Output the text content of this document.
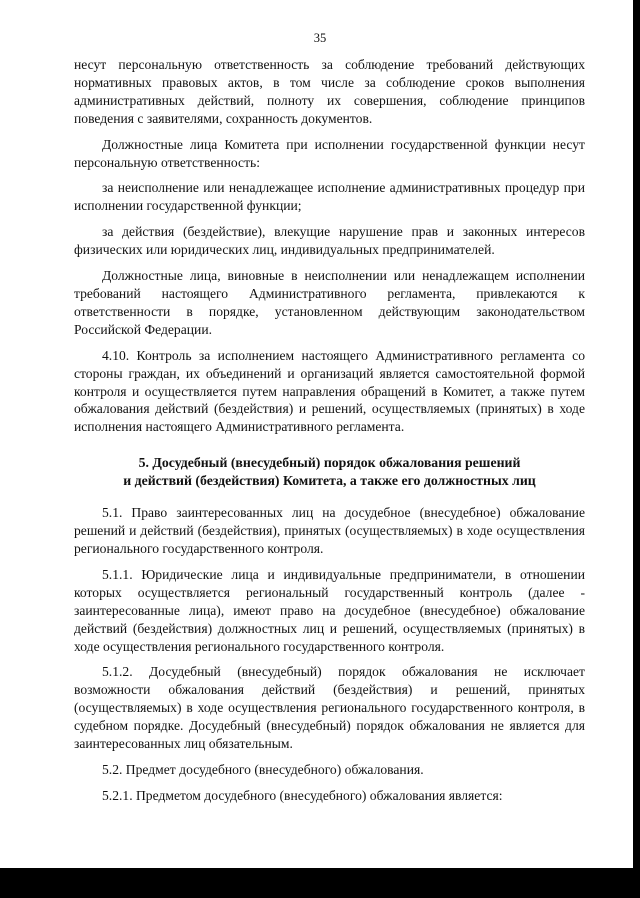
35

несут персональную ответственность за соблюдение требований действующих нормативных правовых актов, в том числе за соблюдение сроков выполнения административных действий, полноту их совершения, соблюдение принципов поведения с заявителями, сохранность документов.

Должностные лица Комитета при исполнении государственной функции несут персональную ответственность:

за неисполнение или ненадлежащее исполнение административных процедур при исполнении государственной функции;

за действия (бездействие), влекущие нарушение прав и законных интересов физических или юридических лиц, индивидуальных предпринимателей.

Должностные лица, виновные в неисполнении или ненадлежащем исполнении требований настоящего Административного регламента, привлекаются к ответственности в порядке, установленном действующим законодательством Российской Федерации.

4.10. Контроль за исполнением настоящего Административного регламента со стороны граждан, их объединений и организаций является самостоятельной формой контроля и осуществляется путем направления обращений в Комитет, а также путем обжалования действий (бездействия) и решений, осуществляемых (принятых) в ходе исполнения настоящего Административного регламента.

5. Досудебный (внесудебный) порядок обжалования решений
и действий (бездействия) Комитета, а также его должностных лиц

5.1. Право заинтересованных лиц на досудебное (внесудебное) обжалование решений и действий (бездействия), принятых (осуществляемых) в ходе осуществления регионального государственного контроля.

5.1.1. Юридические лица и индивидуальные предприниматели, в отношении которых осуществляется региональный государственный контроль (далее - заинтересованные лица), имеют право на досудебное (внесудебное) обжалование действий (бездействия) должностных лиц и решений, осуществляемых (принятых) в ходе осуществления регионального государственного контроля.

5.1.2. Досудебный (внесудебный) порядок обжалования не исключает возможности обжалования действий (бездействия) и решений, принятых (осуществляемых) в ходе осуществления регионального государственного контроля, в судебном порядке. Досудебный (внесудебный) порядок обжалования не является для заинтересованных лиц обязательным.

5.2. Предмет досудебного (внесудебного) обжалования.

5.2.1. Предметом досудебного (внесудебного) обжалования является:
